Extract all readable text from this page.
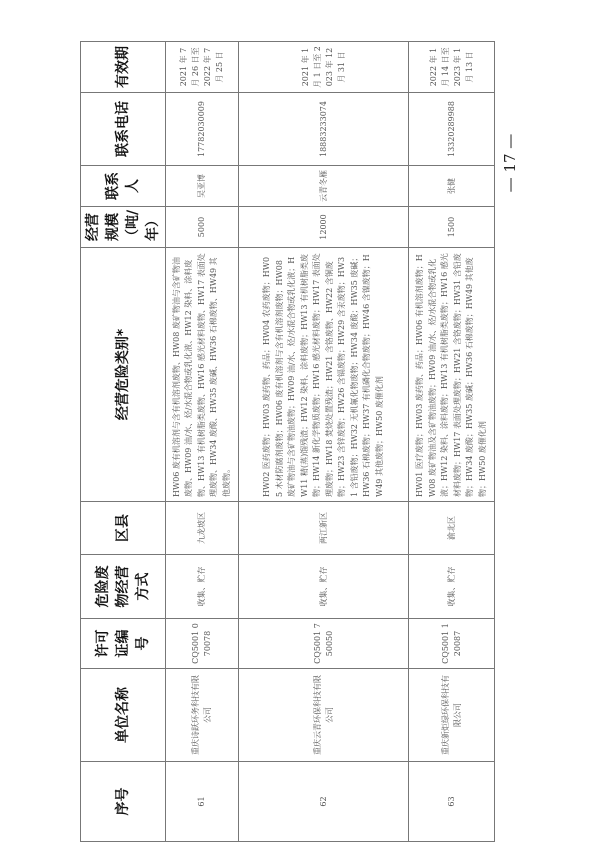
序号	单位名称	许可证编号	危险废物经营方式	区县	经营危险类别*	经营规模（吨/年）	联系人	联系电话	有效期
61	重庆诗跃环务科技有限公司	CQ5001 070078	收集、贮存	九龙坡区	HW06 废有机溶剂与含有机溶剂废物、HW08 废矿物油与含矿物油废物、HW09 油/水、烃/水混合物或乳化液、HW12 染料、涂料废物、HW13 有机树脂类废物、HW16 感光材料废物、HW17 表面处理废物、HW34 废酸、HW35 废碱、HW36 石棉废物、HW49 其他废物。	5000	吴亚博	17782030009	2021 年 7 月 26 日至 2022 年 7 月 25 日
62	重庆云青环保科技有限公司	CQ5001 750050	收集、贮存	两江新区	HW02 医药废物；HW03 废药物、药品；HW04 农药废物；HW05 木材防腐剂废物；HW06 废有机溶剂与含有机溶剂废物；HW08 废矿物油与含矿物油废物；HW09 油/水、烃/水混合物或乳化液；HW11 精(蒸)馏残渣；HW12 染料、涂料废物；HW13 有机树脂类废物；HW14 新化学物质废物；HW16 感光材料废物；HW17 表面处理废物；HW18 焚烧处置残渣；HW21 含铬废物、HW22 含铜废物；HW23 含锌废物；HW26 含镉废物；HW29 含汞废物；HW31 含铅废物；HW32 无机氟化物废物；HW34 废酸；HW35 废碱；HW36 石棉废物；HW37 有机磷化合物废物；HW46 含镍废物；HW49 其他废物；HW50 废催化剂	12000	云青冬雁	18883233074	2021 年 1 月 1 日至 2023 年 12 月 31 日
63	重庆新炬绿环保科技有限公司	CQ5001 120087	收集、贮存	渝北区	HW01 医疗废物；HW03 废药物、药品；HW06 有机溶剂废物；HW08 废矿物油及含矿物油废物；HW09 油/水、烃/水混合物或乳化液；HW12 染料、涂料废物；HW13 有机树脂类废物；HW16 感光材料废物；HW17 表面处理废物；HW21 含铬废物；HW31 含铅废物；HW34 废酸；HW35 废碱；HW36 石棉废物；HW49 其他废物；HW50 废催化剂	1500	张健	13320289988	2022 年 1 月 14 日至 2023 年 1 月 13 日
— 17 —
